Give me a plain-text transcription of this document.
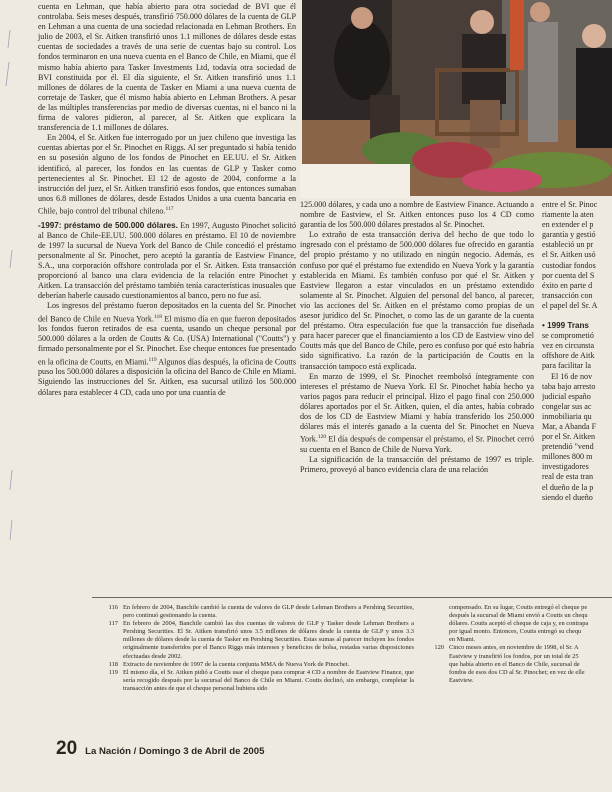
cuenta en Lehman, que había abierto para otra sociedad de BVI que él controlaba. Seis meses después, transfirió 750.000 dólares de la cuenta de GLP en Lehman a una cuenta de una sociedad relacionada en Lehman Brothers. En julio de 2003, el Sr. Aitken transfirió unos 1.1 millones de dólares desde estas cuentas de sociedades a través de una serie de cuentas bajo su control. Los fondos terminaron en una nueva cuenta en el Banco de Chile, en Miami, que él mismo había abierto para Tasker Investments Ltd, todavía otra sociedad de BVI constituida por él. El día siguiente, el Sr. Aitken transfirió unos 1.1 millones de dólares de la cuenta de Tasker en Miami a una nueva cuenta de corretaje de Tasker, que él mismo había abierto en Lehman Brothers. A pesar de las múltiples transferencias por medio de diversas cuentas, ni el banco ni la firma de valores pidieron, al parecer, al Sr. Aitken que explicara la transferencia de 1.1 millones de dólares.

En 2004, el Sr. Aitken fue interrogado por un juez chileno que investiga las cuentas abiertas por el Sr. Pinochet en Riggs. Al ser preguntado si había tenido en su posesión alguno de los fondos de Pinochet en EE.UU. el Sr. Aitken identificó, al parecer, los fondos en las cuentas de GLP y Tasker como pertenecientes al Sr. Pinochet. El 12 de agosto de 2004, conforme a la instrucción del juez, el Sr. Aitken transfirió esos fondos, que entonces sumaban unos 6.8 millones de dólares, desde Estados Unidos a una cuenta bancaria en Chile, bajo control del tribunal chileno.$^{117}$

-1997: préstamo de 500.000 dólares. En 1997, Augusto Pinochet solicitó al Banco de Chile-EE.UU. 500.000 dólares en préstamo. El 10 de noviembre de 1997 la sucursal de Nueva York del Banco de Chile concedió el préstamo personalmente al Sr. Pinochet, pero aceptó la garantía de Eastview Finance, S.A., una corporación offshore controlada por el Sr. Aitken. Esta transacción proporcionó al banco una clara evidencia de la relación entre Pinochet y Aitken. La transacción del préstamo también tenía características inusuales que deberían haberle causado cuestionamientos al banco, pero no fue así.

Los ingresos del préstamo fueron depositados en la cuenta del Sr. Pinochet del Banco de Chile en Nueva York.$^{118}$ El mismo día en que fueron depositados los fondos fueron retirados de esa cuenta, usando un cheque personal por 500.000 dólares a la orden de Coutts & Co. (USA) International ("Coutts") y firmado personalmente por el Sr. Pinochet. Ese cheque entonces fue presentado en la oficina de Coutts, en Miami.$^{119}$ Algunos días después, la oficina de Coutts puso los 500.000 dólares a disposición la oficina del Banco de Chile en Miami. Siguiendo las instrucciones del Sr. Aitken, esa sucursal utilizó los 500.000 dólares para establecer 4 CD, cada uno por una cuantía de

125.000 dólares, y cada uno a nombre de Eastview Finance. Actuando a nombre de Eastview, el Sr. Aitken entonces puso los 4 CD como garantía de los 500.000 dólares prestados al Sr. Pinochet.

Lo extraño de esta transacción deriva del hecho de que todo lo ingresado con el préstamo de 500.000 dólares fue ofrecido en garantía del propio préstamo y no utilizado en ningún negocio. Además, es confuso por qué el préstamo fue extendido en Nueva York y la garantía establecida en Miami. Es también confuso por qué el Sr. Aitken y Eastview llegaron a estar vinculados en un préstamo extendido solamente al Sr. Pinochet. Alguien del personal del banco, al parecer, vio las acciones del Sr. Aitken en el préstamo como propias de un asesor jurídico del Sr. Pinochet, o como las de un garante de la cuenta del préstamo. Otra especulación fue que la transacción fue diseñada para hacer parecer que el financiamiento a los CD de Eastview vino del Coutts más que del Banco de Chile, pero es confuso por qué esto habría sido significativo. La razón de la participación de Coutts en la transacción tampoco está explicada.

En marzo de 1999, el Sr. Pinochet reembolsó íntegramente con intereses el préstamo de Nueva York. El Sr. Pinochet había hecho ya varios pagos para reducir el principal. Hizo el pago final con 250.000 dólares aportados por el Sr. Aitken, quien, el día antes, había cobrado dos de los CD de Eastview Miami y había transferido los 250.000 dólares más el interés ganado a la cuenta del Sr. Pinochet en Nueva York.$^{120}$ El día después de compensar el préstamo, el Sr. Pinochet cerró su cuenta en el Banco de Chile de Nueva York.

La significación de la transacción del préstamo de 1997 es triple. Primero, proveyó al banco evidencia clara de una relación

entre el Sr. Pinoc

riamente la aten

en extender el p

garantía y gestió

estableció un pr

el Sr. Aitken usó

custodiar fondos

por cuenta del S

éxito en parte d

transacción con

el papel del Sr. A

• 1999 Trans

se comprometió

vez en circunsta

offshore de Aitk

para facilitar la

El 16 de nov

taba bajo arresto

judicial españo

congelar sus ac

inmobiliaria qu

Mar, a Abanda F

por el Sr. Aitken

pretendió "vend

millones 800 m

investigadores

real de esta tran

el dueño de la p

siendo el dueño

116 En febrero de 2004, Banchile cambió la cuenta de valores de GLP desde Lehman Brothers a Pershing Securities, pero continuó gestionando la cuenta.
117 En febrero de 2004, Banchile cambió las dos cuentas de valores de GLP y Tasker desde Lehman Brothers a Pershing Securities. El Sr. Aitken transfirió unos 3.5 millones de dólares desde la cuenta de GLP y unos 3.3 millones de dólares desde la cuenta de Tasker en Pershing Securities. Estas sumas al parecer incluyen los fondos originalmente transferidos por el Banco Riggs más intereses y beneficios de bolsa, restadas varias disposiciones efectuadas desde 2002.
118 Extracto de noviembre de 1997 de la cuenta conjunta MMA de Nueva York de Pinochet.
119 El mismo día, el Sr. Aitken pidió a Coutts usar el cheque para comprar 4 CD a nombre de Eastview Finance, que sería recogido después por la sucursal del Banco de Chile en Miami. Coutts declinó, sin embargo, completar la transacción antes de que el cheque personal hubiera sido
compensado. En su lugar, Coutts entregó el cheque pe
después la sucursal de Miami envió a Coutts un chequ
dólares. Coutts aceptó el cheque de caja y, en contrapa
por igual monto. Entonces, Coutts entregó su chequ
en Miami.
120 Cinco meses antes, en noviembre de 1998, el Sr. A
Eastview y transfirió los fondos, por un total de 25
que había abierto en el Banco de Chile, sucursal de
fondos de esos dos CD al Sr. Pinochet; en vez de elle
Eastview.
20 La Nación / Domingo 3 de Abril de 2005
